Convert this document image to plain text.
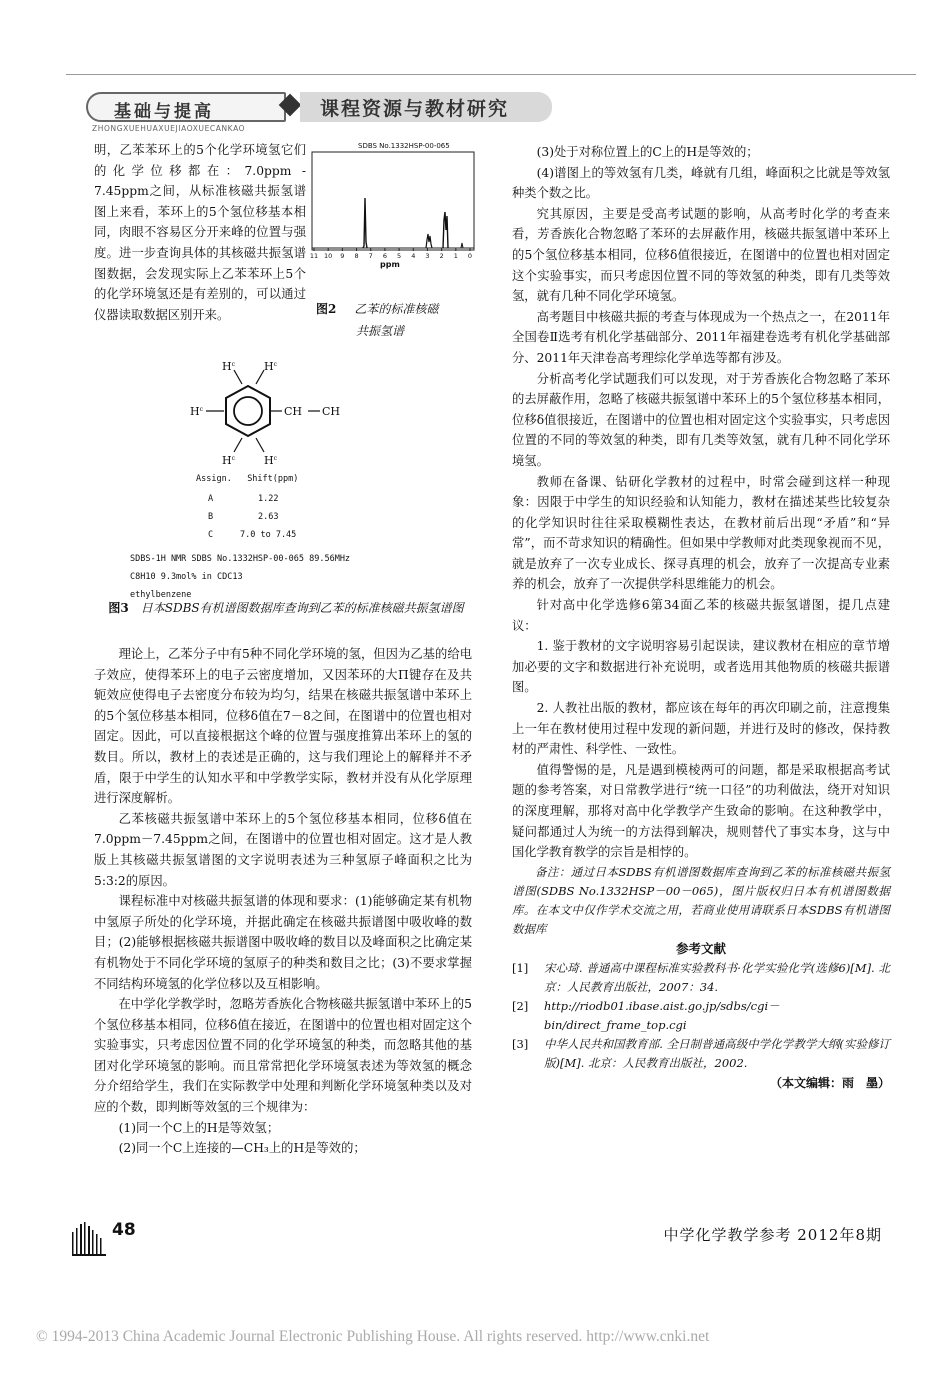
基础与提高	课程资源与教材研究
ZHONGXUEHUAXUEJIAOXUECANKAO

明，乙苯苯环上的5个化学环境氢它们的化学位移都在：7.0ppm - 7.45ppm之间，从标准核磁共振氢谱图上来看，苯环上的5个氢位移基本相同，肉眼不容易区分开来峰的位置与强度。进一步查询具体的其核磁共振氢谱图数据，会发现实际上乙苯苯环上5个的化学环境氢还是有差别的，可以通过仪器读取数据区别开来。

SDBS No.1332HSP-00-065
11 10 9 8 7 6 5 4 3 2 1 0
ppm
图2 乙苯的标准核磁
共振氢谱
$H^c$	$H^c$
$H^c$
$H^c$	$H^c$
CH CH
Assign. Shift(ppm)
A	1.22
B	2.63
C	7.0 to 7.45
SDBS-1H NMR SDBS No.1332HSP-00-065 89.56MHz
C8H10 9.3mol% in CDC13
ethylbenzene
图3 日本SDBS有机谱图数据库查询到乙苯的标准核磁共振氢谱图

理论上，乙苯分子中有5种不同化学环境的氢，但因为乙基的给电子效应，使得苯环上的电子云密度增加，又因苯环的大Π键存在及共轭效应使得电子去密度分布较为均匀，结果在核磁共振氢谱中苯环上的5个氢位移基本相同，位移δ值在7－8之间，在图谱中的位置也相对固定。因此，可以直接根据这个峰的位置与强度推算出苯环上的氢的数目。所以，教材上的表述是正确的，这与我们理论上的解释并不矛盾，限于中学生的认知水平和中学教学实际，教材并没有从化学原理进行深度解析。

乙苯核磁共振氢谱中苯环上的5个氢位移基本相同，位移δ值在7.0ppm－7.45ppm之间，在图谱中的位置也相对固定。这才是人教版上其核磁共振氢谱图的文字说明表述为三种氢原子峰面积之比为5:3:2的原因。

课程标准中对核磁共振氢谱的体现和要求：(1)能够确定某有机物中氢原子所处的化学环境，并据此确定在核磁共振谱图中吸收峰的数目；(2)能够根据核磁共振谱图中吸收峰的数目以及峰面积之比确定某有机物处于不同化学环境的氢原子的种类和数目之比；(3)不要求掌握不同结构环境氢的化学位移以及互相影响。

在中学化学教学时，忽略芳香族化合物核磁共振氢谱中苯环上的5个氢位移基本相同，位移δ值在接近，在图谱中的位置也相对固定这个实验事实，只考虑因位置不同的化学环境氢的种类，而忽略其他的基团对化学环境氢的影响。而且常常把化学环境氢表述为等效氢的概念分介绍给学生，我们在实际教学中处理和判断化学环境氢种类以及对应的个数，即判断等效氢的三个规律为：

(1)同一个C上的H是等效氢；

(2)同一个C上连接的—CH₃上的H是等效的；

(3)处于对称位置上的C上的H是等效的；

(4)谱图上的等效氢有几类，峰就有几组，峰面积之比就是等效氢种类个数之比。

究其原因，主要是受高考试题的影响，从高考时化学的考查来看，芳香族化合物忽略了苯环的去屏蔽作用，核磁共振氢谱中苯环上的5个氢位移基本相同，位移δ值很接近，在图谱中的位置也相对固定这个实验事实，而只考虑因位置不同的等效氢的种类，即有几类等效氢，就有几种不同化学环境氢。

高考题目中核磁共振的考查与体现成为一个热点之一，在2011年全国卷Ⅱ选考有机化学基础部分、2011年福建卷选考有机化学基础部分、2011年天津卷高考理综化学单选等都有涉及。

分析高考化学试题我们可以发现，对于芳香族化合物忽略了苯环的去屏蔽作用，忽略了核磁共振氢谱中苯环上的5个氢位移基本相同，位移δ值很接近，在图谱中的位置也相对固定这个实验事实，只考虑因位置的不同的等效氢的种类，即有几类等效氢，就有几种不同化学环境氢。

教师在备课、钻研化学教材的过程中，时常会碰到这样一种现象：因限于中学生的知识经验和认知能力，教材在描述某些比较复杂的化学知识时往往采取模糊性表达，在教材前后出现“矛盾”和“异常”，而不苛求知识的精确性。但如果中学教师对此类现象视而不见，就是放弃了一次专业成长、探寻真理的机会，放弃了一次提高专业素养的机会，放弃了一次提供学科思维能力的机会。

针对高中化学选修6第34面乙苯的核磁共振氢谱图，提几点建议：

1. 鉴于教材的文字说明容易引起误读，建议教材在相应的章节增加必要的文字和数据进行补充说明，或者选用其他物质的核磁共振谱图。

2. 人教社出版的教材，都应该在每年的再次印刷之前，注意搜集上一年在教材使用过程中发现的新问题，并进行及时的修改，保持教材的严肃性、科学性、一致性。

值得警惕的是，凡是遇到模棱两可的问题，都是采取根据高考试题的参考答案，对日常教学进行“统一口径”的功利做法，绕开对知识的深度理解，那将对高中化学教学产生致命的影响。在这种教学中，疑问都通过人为统一的方法得到解决，规则替代了事实本身，这与中国化学教育教学的宗旨是相悖的。

备注：通过日本SDBS有机谱图数据库查询到乙苯的标准核磁共振氢谱图(SDBS No.1332HSP－00－065)，图片版权归日本有机谱图数据库。在本文中仅作学术交流之用，若商业使用请联系日本SDBS有机谱图数据库

参考文献

[1]	宋心琦. 普通高中课程标准实验教科书·化学实验化学(选修6)[M]. 北京：人民教育出版社，2007：34.
[2]	http://riodb01.ibase.aist.go.jp/sdbs/cgi－bin/direct_frame_top.cgi
[3]	中华人民共和国教育部. 全日制普通高级中学化学教学大纲(实验修订版)[M]. 北京：人民教育出版社，2002.

（本文编辑：雨　墨）

48	中学化学教学参考 2012年8期
© 1994-2013 China Academic Journal Electronic Publishing House. All rights reserved. http://www.cnki.net
